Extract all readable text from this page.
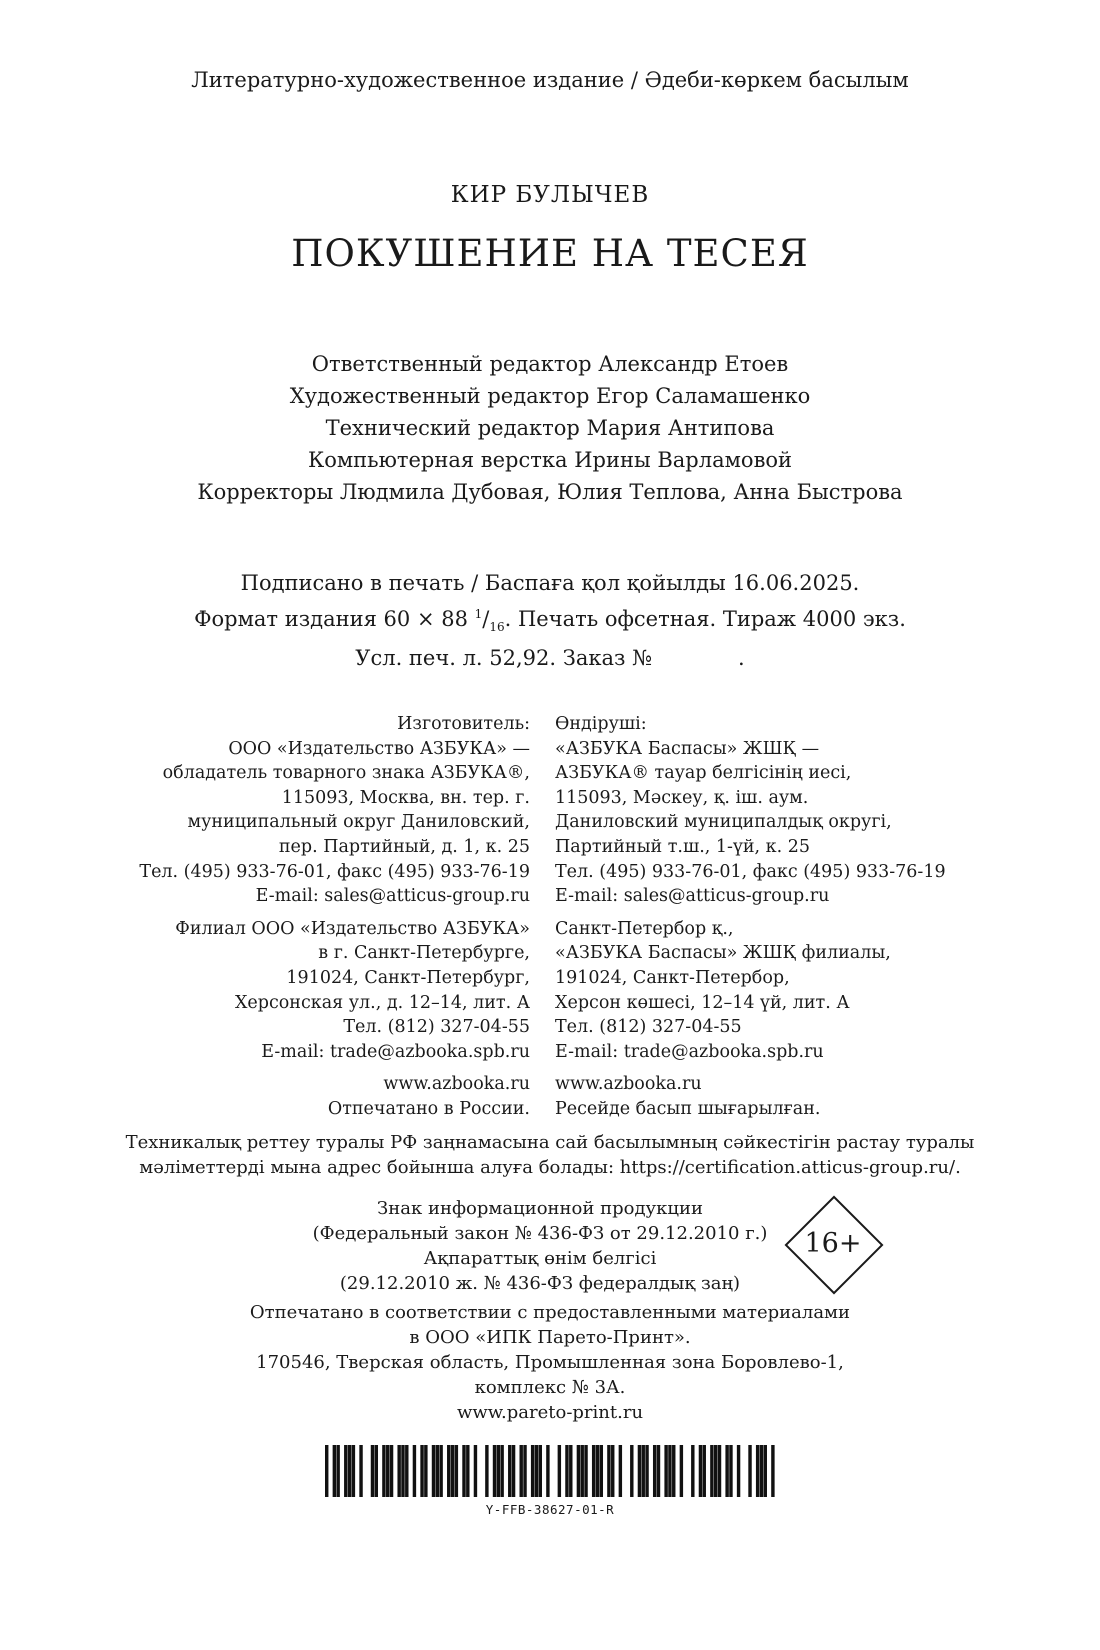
Литературно-художественное издание / Әдеби-көркем басылым
КИР БУЛЫЧЕВ
ПОКУШЕНИЕ НА ТЕСЕЯ
Ответственный редактор Александр Етоев
Художественный редактор Егор Саламашенко
Технический редактор Мария Антипова
Компьютерная верстка Ирины Варламовой
Корректоры Людмила Дубовая, Юлия Теплова, Анна Быстрова
Подписано в печать / Баспаға қол қойылды 16.06.2025.
Формат издания 60 × 88 $^1/_{16}$. Печать офсетная. Тираж 4000 экз.
Усл. печ. л. 52,92. Заказ №	.
Изготовитель:
ООО «Издательство АЗБУКА» —
обладатель товарного знака АЗБУКА®,
115093, Москва, вн. тер. г.
муниципальный округ Даниловский,
пер. Партийный, д. 1, к. 25
Тел. (495) 933-76-01, факс (495) 933-76-19
E-mail: sales@atticus-group.ru
Филиал ООО «Издательство АЗБУКА»
в г. Санкт-Петербурге,
191024, Санкт-Петербург,
Херсонская ул., д. 12–14, лит. А
Тел. (812) 327-04-55
E-mail: trade@azbooka.spb.ru
www.azbooka.ru
Отпечатано в России.
Өндіруші:
«АЗБУКА Баспасы» ЖШҚ —
АЗБУКА® тауар белгісінің иесі,
115093, Мәскеу, қ. іш. аум.
Даниловский муниципалдық округі,
Партийный т.ш., 1-үй, к. 25
Тел. (495) 933-76-01, факс (495) 933-76-19
E-mail: sales@atticus-group.ru
Санкт-Петербор қ.,
«АЗБУКА Баспасы» ЖШҚ филиалы,
191024, Санкт-Петербор,
Херсон көшесі, 12–14 үй, лит. А
Тел. (812) 327-04-55
E-mail: trade@azbooka.spb.ru
www.azbooka.ru
Ресейде басып шығарылған.
Техникалық реттеу туралы РФ заңнамасына сай басылымның сәйкестігін растау туралы
мәліметтерді мына адрес бойынша алуға болады: https://certification.atticus-group.ru/.
Знак информационной продукции
(Федеральный закон № 436-ФЗ от 29.12.2010 г.)
Ақпараттық өнім белгісі
(29.12.2010 ж. № 436-ФЗ федералдық заң)
16+
Отпечатано в соответствии с предоставленными материалами
в ООО «ИПК Парето-Принт».
170546, Тверская область, Промышленная зона Боровлево-1,
комплекс № 3А.
www.pareto-print.ru
Y-FFB-38627-01-R
